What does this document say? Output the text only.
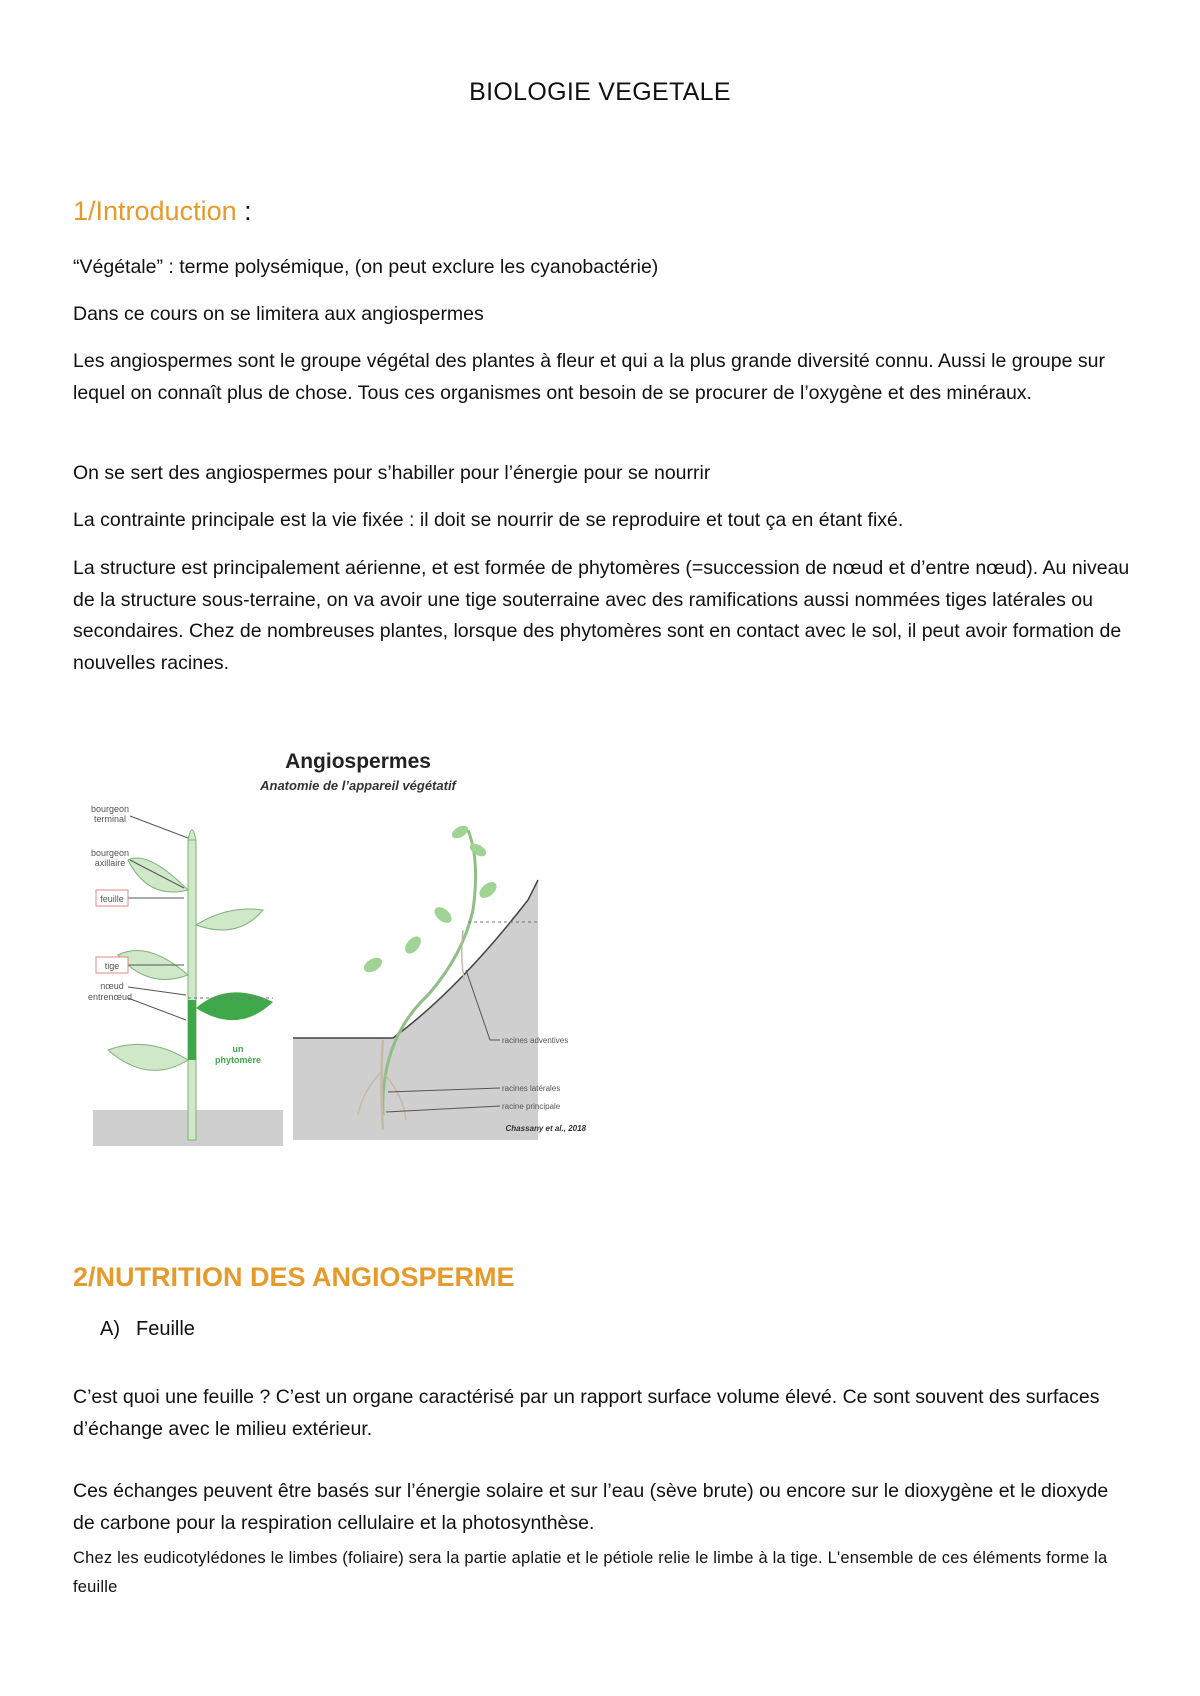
BIOLOGIE VEGETALE
1/Introduction :
“Végétale” : terme polysémique, (on peut exclure les cyanobactérie)
Dans ce cours on se limitera aux angiospermes
Les angiospermes sont le groupe végétal des plantes à fleur et qui a la plus grande diversité connu. Aussi le groupe sur lequel on connaît plus de chose. Tous ces organismes ont besoin de se procurer de l’oxygène et des minéraux.
On se sert des angiospermes pour s’habiller pour l’énergie pour se nourrir
La contrainte principale est la vie fixée : il doit se nourrir de se reproduire et tout ça en étant fixé.
La structure est principalement aérienne, et est formée de phytomères (=succession de nœud et d’entre nœud). Au niveau de la structure sous-terraine, on va avoir une tige souterraine avec des ramifications aussi nommées tiges latérales ou secondaires. Chez de nombreuses plantes, lorsque des phytomères sont en contact avec le sol, il peut avoir formation de nouvelles racines.
Angiospermes
Anatomie de l’appareil végétatif
bourgeon
terminal
bourgeon
axillaire
feuille
tige
nœud
entrenœud
un
phytomère
racines adventives
racines latérales
racine principale
Chassany et al., 2018
2/NUTRITION DES ANGIOSPERME
A) Feuille
C’est quoi une feuille ? C’est un organe caractérisé par un rapport surface volume élevé. Ce sont souvent des surfaces d’échange avec le milieu extérieur.
Ces échanges peuvent être basés sur l’énergie solaire et sur l’eau (sève brute) ou encore sur le dioxygène et le dioxyde de carbone pour la respiration cellulaire et la photosynthèse.
Chez les eudicotylédones le limbes (foliaire) sera la partie aplatie et le pétiole relie le limbe à la tige. L'ensemble de ces éléments forme la feuille
